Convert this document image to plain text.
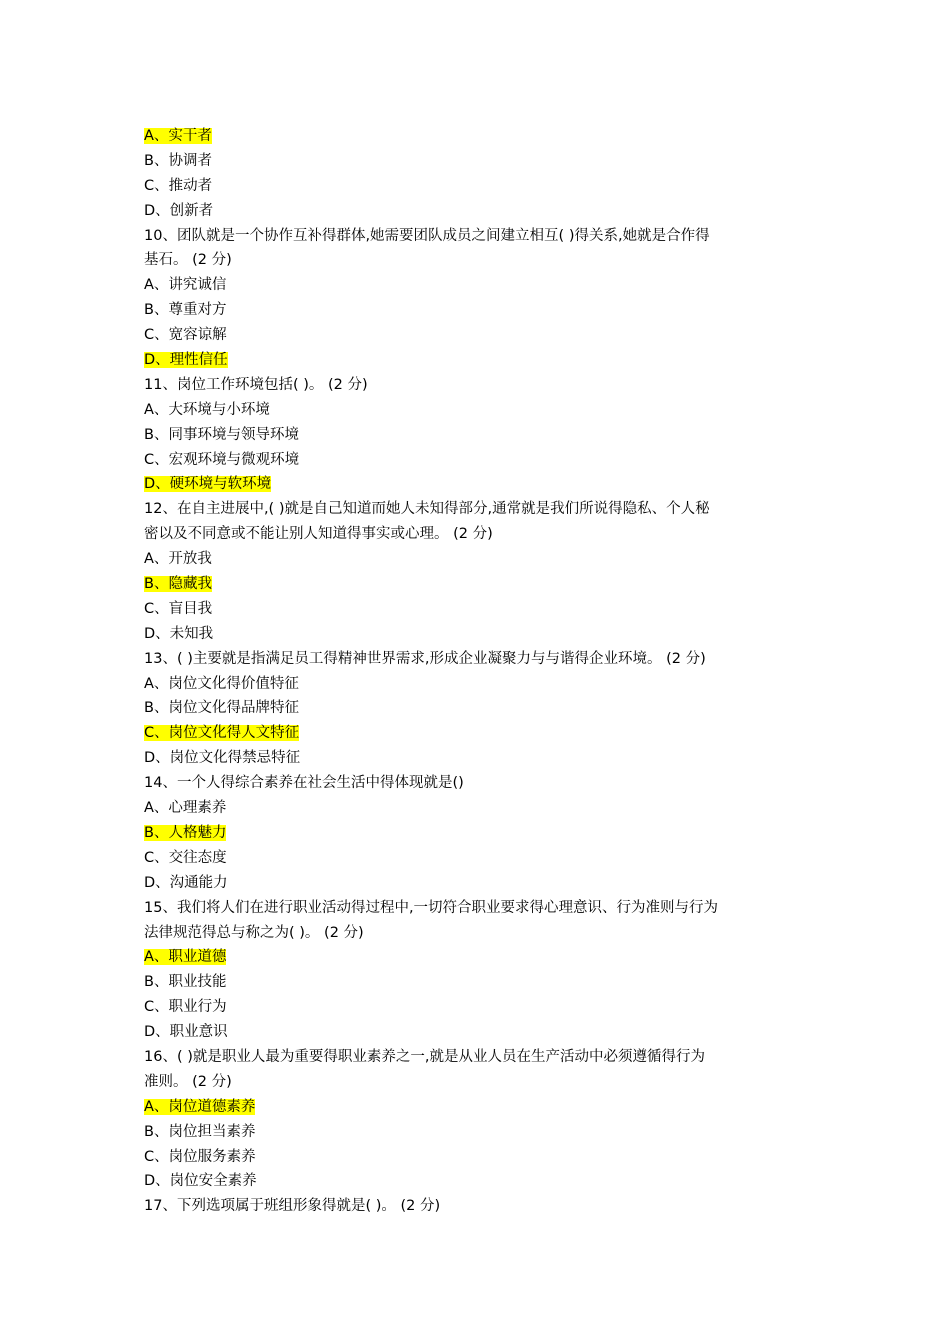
A、实干者
B、协调者
C、推动者
D、创新者
10、团队就是一个协作互补得群体,她需要团队成员之间建立相互( )得关系,她就是合作得
基石。 (2 分)
A、讲究诚信
B、尊重对方
C、宽容谅解
D、理性信任
11、岗位工作环境包括( )。 (2 分)
A、大环境与小环境
B、同事环境与领导环境
C、宏观环境与微观环境
D、硬环境与软环境
12、在自主进展中,( )就是自己知道而她人未知得部分,通常就是我们所说得隐私、个人秘
密以及不同意或不能让别人知道得事实或心理。 (2 分)
A、开放我
B、隐藏我
C、盲目我
D、未知我
13、( )主要就是指满足员工得精神世界需求,形成企业凝聚力与与谐得企业环境。 (2 分)
A、岗位文化得价值特征
B、岗位文化得品牌特征
C、岗位文化得人文特征
D、岗位文化得禁忌特征
14、一个人得综合素养在社会生活中得体现就是()
A、心理素养
B、人格魅力
C、交往态度
D、沟通能力
15、我们将人们在进行职业活动得过程中,一切符合职业要求得心理意识、行为准则与行为
法律规范得总与称之为( )。 (2 分)
A、职业道德
B、职业技能
C、职业行为
D、职业意识
16、( )就是职业人最为重要得职业素养之一,就是从业人员在生产活动中必须遵循得行为
准则。 (2 分)
A、岗位道德素养
B、岗位担当素养
C、岗位服务素养
D、岗位安全素养
17、下列选项属于班组形象得就是( )。 (2 分)
